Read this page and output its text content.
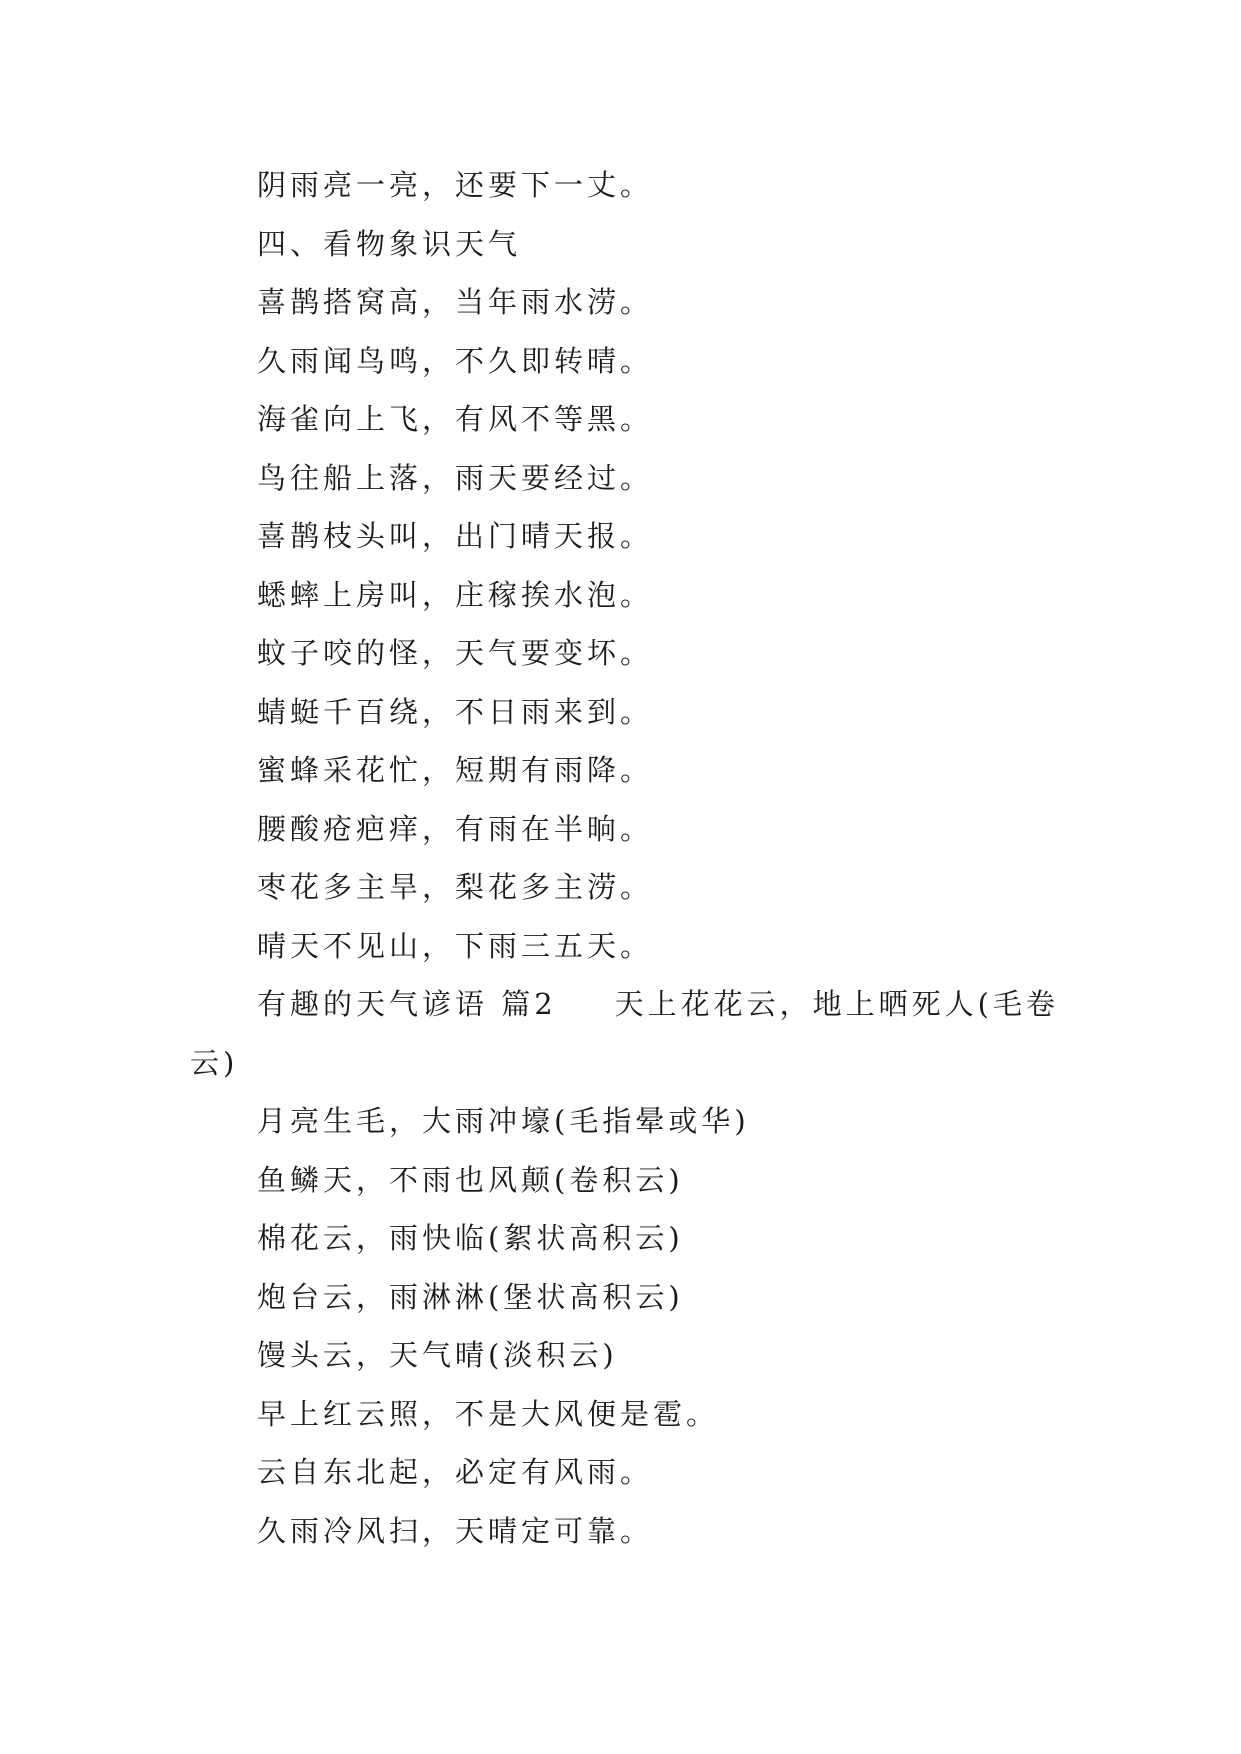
阴雨亮一亮，还要下一丈。
四、看物象识天气
喜鹊搭窝高，当年雨水涝。
久雨闻鸟鸣，不久即转晴。
海雀向上飞，有风不等黑。
鸟往船上落，雨天要经过。
喜鹊枝头叫，出门晴天报。
蟋蟀上房叫，庄稼挨水泡。
蚊子咬的怪，天气要变坏。
蜻蜓千百绕，不日雨来到。
蜜蜂采花忙，短期有雨降。
腰酸疮疤痒，有雨在半晌。
枣花多主旱，梨花多主涝。
晴天不见山，下雨三五天。
有趣的天气谚语 篇2 天上花花云，地上晒死人(毛卷云)
月亮生毛，大雨冲壕(毛指晕或华)
鱼鳞天，不雨也风颠(卷积云)
棉花云，雨快临(絮状高积云)
炮台云，雨淋淋(堡状高积云)
馒头云，天气晴(淡积云)
早上红云照，不是大风便是雹。
云自东北起，必定有风雨。
久雨冷风扫，天晴定可靠。
